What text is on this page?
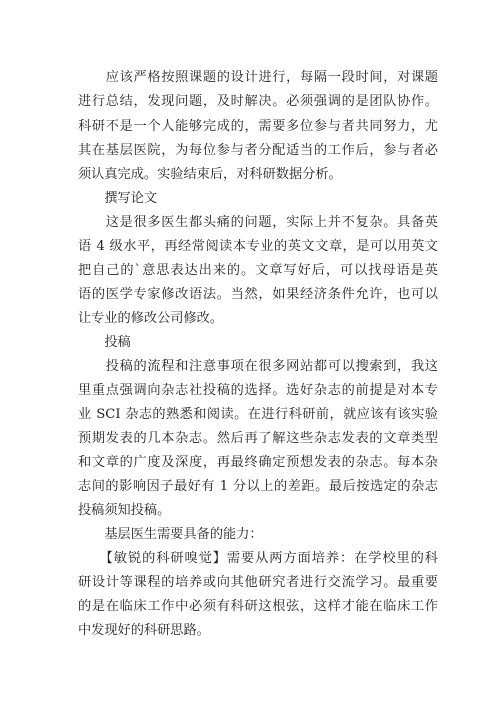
　　应该严格按照课题的设计进行，每隔一段时间，对课题
进行总结，发现问题，及时解决。必须强调的是团队协作。
科研不是一个人能够完成的，需要多位参与者共同努力，尤
其在基层医院，为每位参与者分配适当的工作后，参与者必
须认真完成。实验结束后，对科研数据分析。
　　撰写论文
　　这是很多医生都头痛的问题，实际上并不复杂。具备英
语 4 级水平，再经常阅读本专业的英文文章，是可以用英文
把自己的`意思表达出来的。文章写好后，可以找母语是英
语的医学专家修改语法。当然，如果经济条件允许，也可以
让专业的修改公司修改。
　　投稿
　　投稿的流程和注意事项在很多网站都可以搜索到，我这
里重点强调向杂志社投稿的选择。选好杂志的前提是对本专
业 SCI 杂志的熟悉和阅读。在进行科研前，就应该有该实验
预期发表的几本杂志。然后再了解这些杂志发表的文章类型
和文章的广度及深度，再最终确定预想发表的杂志。每本杂
志间的影响因子最好有 1 分以上的差距。最后按选定的杂志
投稿须知投稿。
　　基层医生需要具备的能力：
　　【敏锐的科研嗅觉】需要从两方面培养：在学校里的科
研设计等课程的培养或向其他研究者进行交流学习。最重要
的是在临床工作中必须有科研这根弦，这样才能在临床工作
中发现好的科研思路。
